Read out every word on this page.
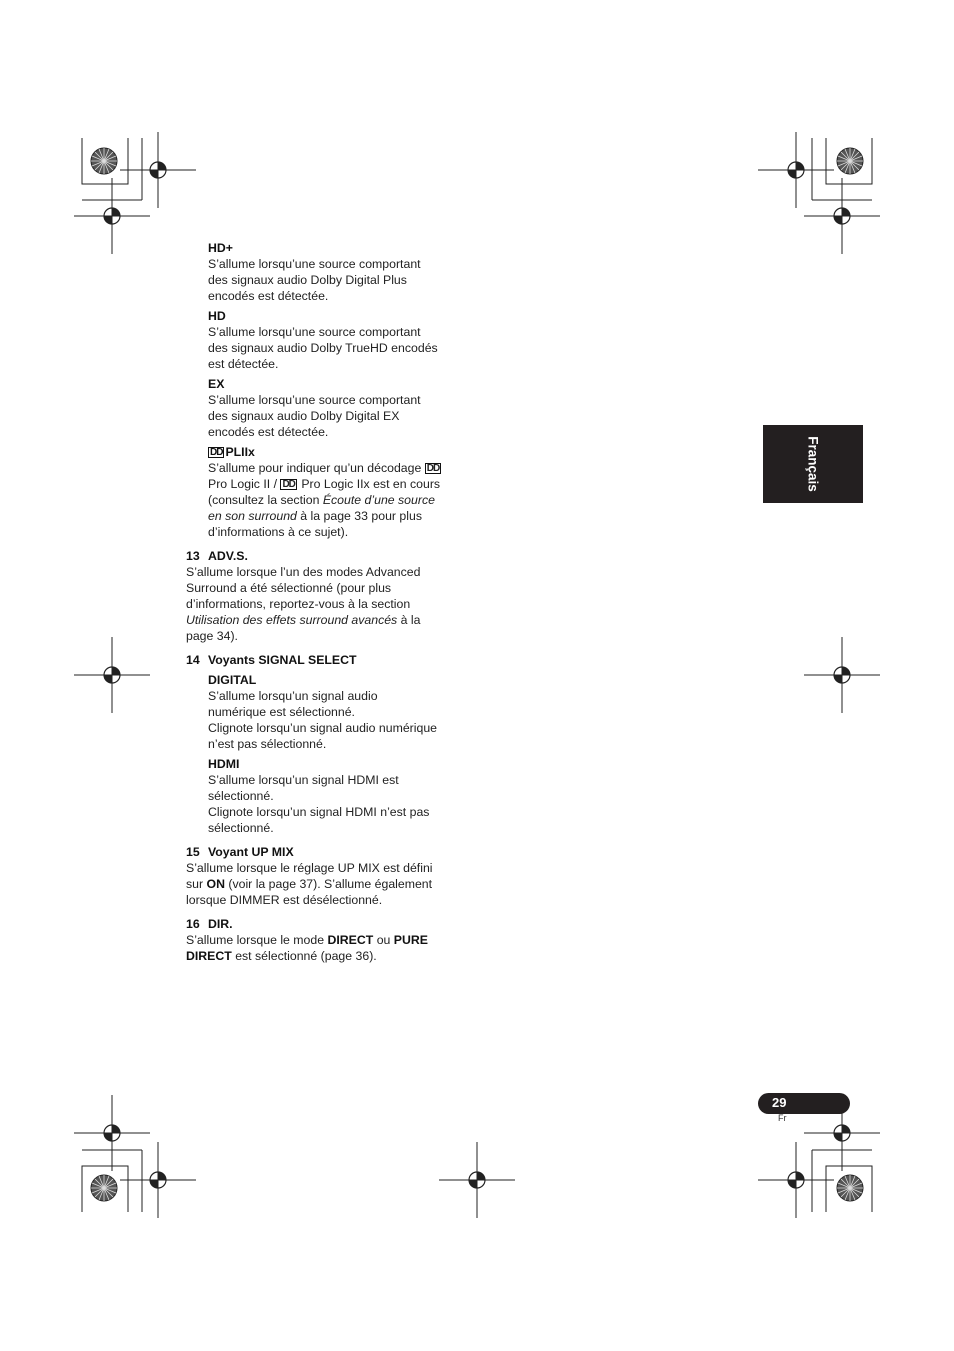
HD+

S’allume lorsqu’une source comportant

des signaux audio Dolby Digital Plus

encodés est détectée.

HD

S’allume lorsqu’une source comportant

des signaux audio Dolby TrueHD encodés

est détectée.

EX

S’allume lorsqu’une source comportant

des signaux audio Dolby Digital EX

encodés est détectée.

DD PLIIx

S’allume pour indiquer qu’un décodage DD

Pro Logic II / DD Pro Logic IIx est en cours

(consultez la section Écoute d’une source

en son surround à la page 33 pour plus

d’informations à ce sujet).

13 ADV.S.

S’allume lorsque l’un des modes Advanced

Surround a été sélectionné (pour plus

d’informations, reportez-vous à la section

Utilisation des effets surround avancés à la

page 34).

14 Voyants SIGNAL SELECT
DIGITAL

S’allume lorsqu’un signal audio

numérique est sélectionné.

Clignote lorsqu’un signal audio numérique

n’est pas sélectionné.

HDMI

S’allume lorsqu’un signal HDMI est

sélectionné.

Clignote lorsqu’un signal HDMI n’est pas

sélectionné.

15 Voyant UP MIX

S’allume lorsque le réglage UP MIX est défini

sur ON (voir la page 37). S’allume également

lorsque DIMMER est désélectionné.

16 DIR.

S’allume lorsque le mode DIRECT ou PURE

DIRECT est sélectionné (page 36).

Français
29
Fr
